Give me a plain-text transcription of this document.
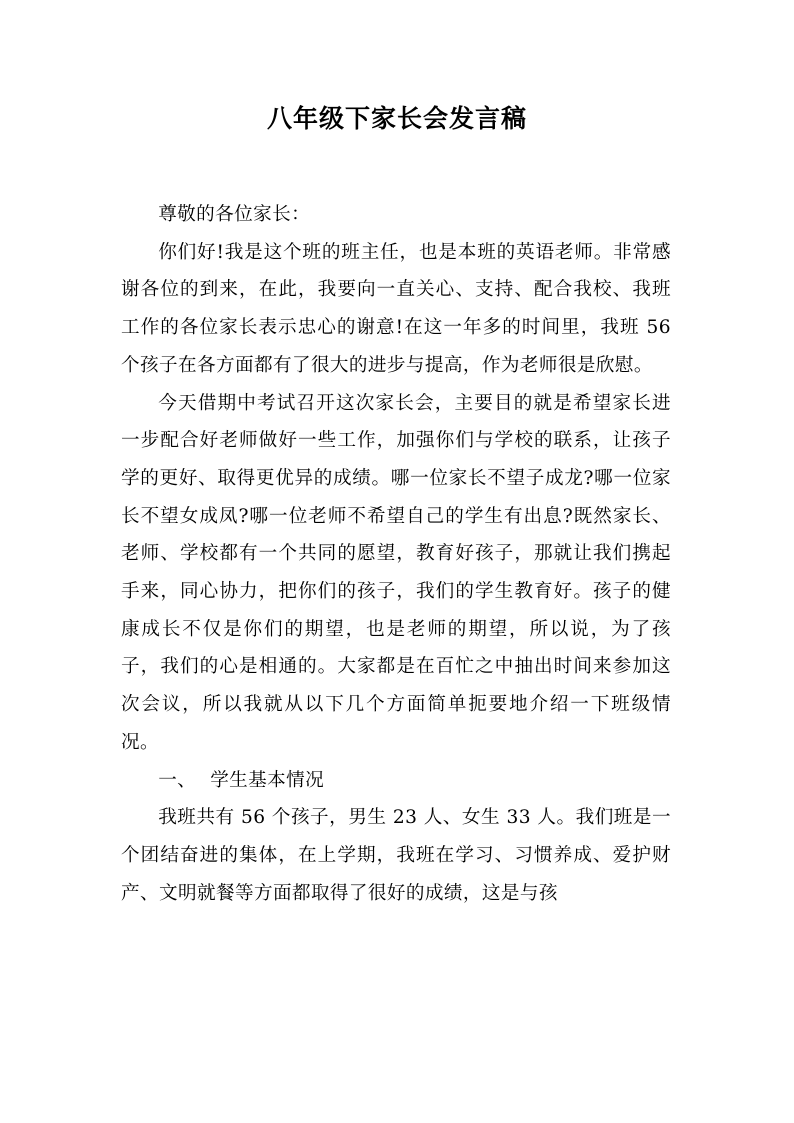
八年级下家长会发言稿

尊敬的各位家长：

你们好!我是这个班的班主任，也是本班的英语老师。非常感谢各位的到来，在此，我要向一直关心、支持、配合我校、我班工作的各位家长表示忠心的谢意!在这一年多的时间里，我班 56 个孩子在各方面都有了很大的进步与提高，作为老师很是欣慰。

今天借期中考试召开这次家长会，主要目的就是希望家长进一步配合好老师做好一些工作，加强你们与学校的联系，让孩子学的更好、取得更优异的成绩。哪一位家长不望子成龙?哪一位家长不望女成凤?哪一位老师不希望自己的学生有出息?既然家长、老师、学校都有一个共同的愿望，教育好孩子，那就让我们携起手来，同心协力，把你们的孩子，我们的学生教育好。孩子的健康成长不仅是你们的期望，也是老师的期望，所以说，为了孩子，我们的心是相通的。大家都是在百忙之中抽出时间来参加这次会议，所以我就从以下几个方面简单扼要地介绍一下班级情况。

一、 学生基本情况

我班共有 56 个孩子，男生 23 人、女生 33 人。我们班是一个团结奋进的集体，在上学期，我班在学习、习惯养成、爱护财产、文明就餐等方面都取得了很好的成绩，这是与孩
